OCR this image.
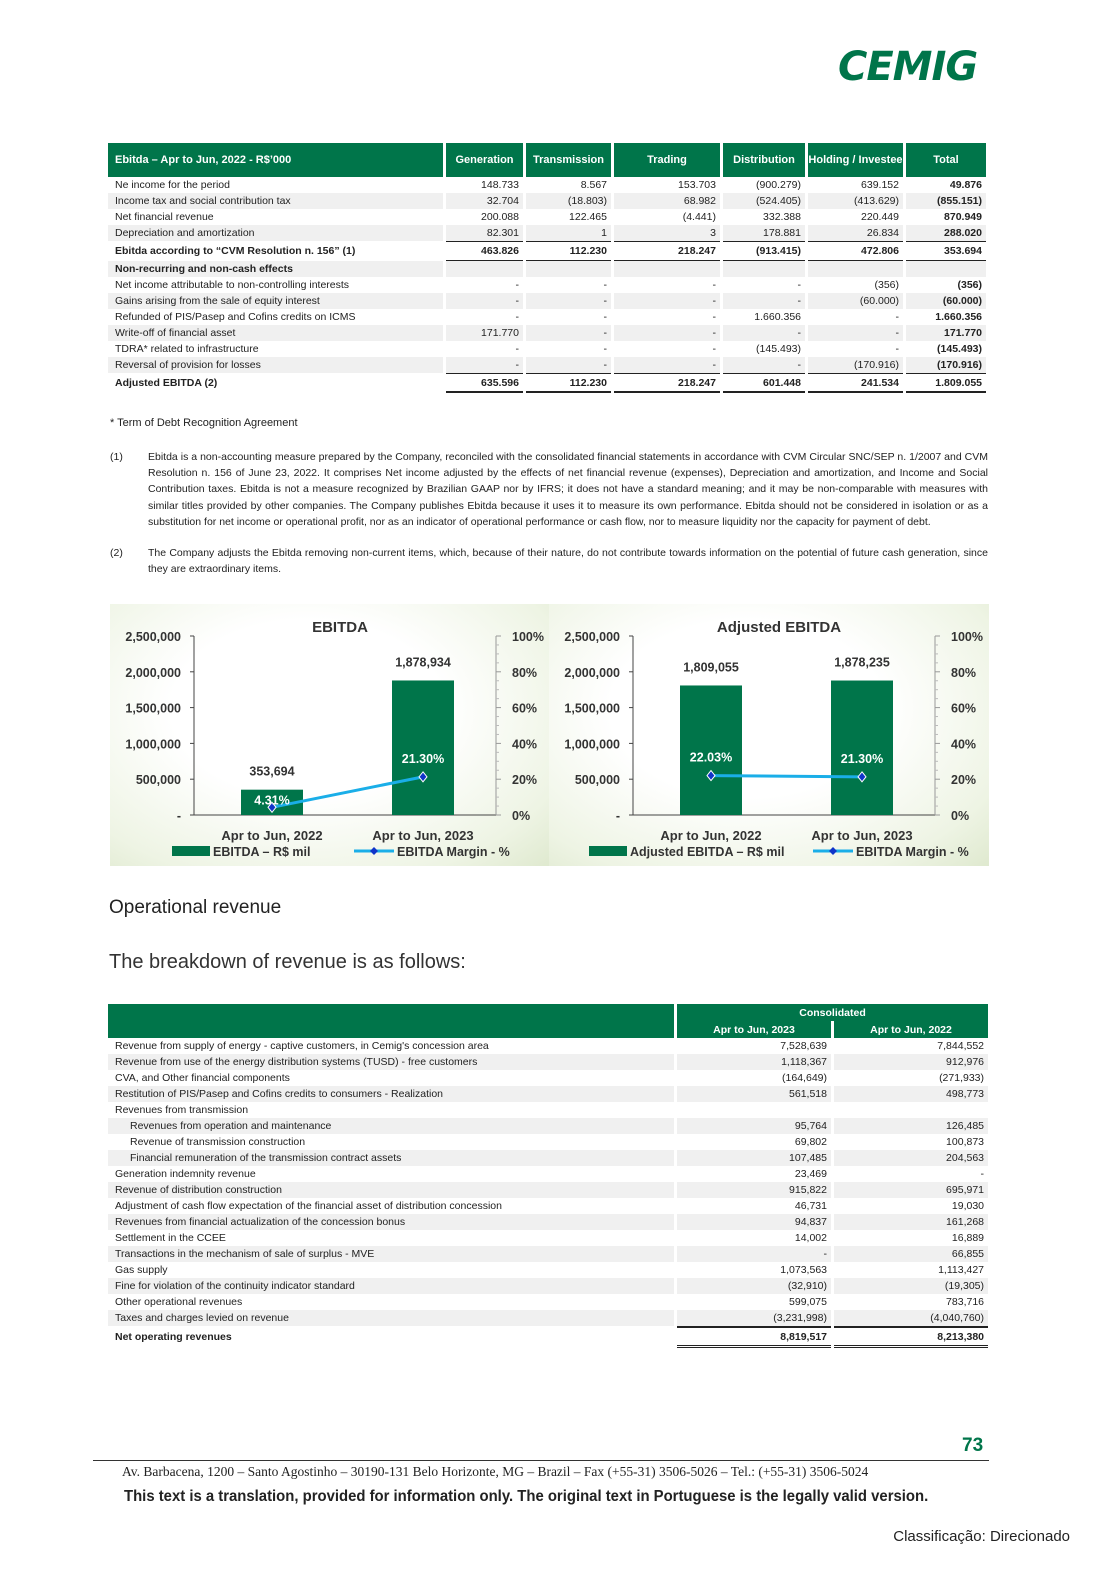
CEMIG
Ebitda – Apr to Jun, 2022 - R$’000	Generation	Transmission	Trading	Distribution	Holding / Investee	Total
Ne income for the period	148.733	8.567	153.703	(900.279)	639.152	49.876
Income tax and social contribution tax	32.704	(18.803)	68.982	(524.405)	(413.629)	(855.151)
Net financial revenue	200.088	122.465	(4.441)	332.388	220.449	870.949
Depreciation and amortization	82.301	1	3	178.881	26.834	288.020
Ebitda according to “CVM Resolution n. 156” (1)	463.826	112.230	218.247	(913.415)	472.806	353.694
Non-recurring and non-cash effects						
Net income attributable to non-controlling interests	-	-	-	-	(356)	(356)
Gains arising from the sale of equity interest	-	-	-	-	(60.000)	(60.000)
Refunded of PIS/Pasep and Cofins credits on ICMS	-	-	-	1.660.356	-	1.660.356
Write-off of financial asset	171.770	-	-	-	-	171.770
TDRA* related to infrastructure	-	-	-	(145.493)	-	(145.493)
Reversal of provision for losses	-	-	-	-	(170.916)	(170.916)
Adjusted EBITDA (2)	635.596	112.230	218.247	601.448	241.534	1.809.055
* Term of Debt Recognition Agreement
(1) Ebitda is a non-accounting measure prepared by the Company, reconciled with the consolidated financial statements in accordance with CVM Circular SNC/SEP n. 1/2007 and CVM Resolution n. 156 of June 23, 2022. It comprises Net income adjusted by the effects of net financial revenue (expenses), Depreciation and amortization, and Income and Social Contribution taxes. Ebitda is not a measure recognized by Brazilian GAAP nor by IFRS; it does not have a standard meaning; and it may be non-comparable with measures with similar titles provided by other companies. The Company publishes Ebitda because it uses it to measure its own performance. Ebitda should not be considered in isolation or as a substitution for net income or operational profit, nor as an indicator of operational performance or cash flow, nor to measure liquidity nor the capacity for payment of debt.
(2) The Company adjusts the Ebitda removing non-current items, which, because of their nature, do not contribute towards information on the potential of future cash generation, since they are extraordinary items.
EBITDA
-
500,000
1,000,000
1,500,000
2,000,000
2,500,000
0%
20%
40%
60%
80%
100%
353,694
Apr to Jun, 2022
1,878,934
Apr to Jun, 2023
4.31%
21.30%
EBITDA – R$ mil	EBITDA Margin - %
Adjusted EBITDA
-
500,000
1,000,000
1,500,000
2,000,000
2,500,000
0%
20%
40%
60%
80%
100%
1,809,055
Apr to Jun, 2022
1,878,235
Apr to Jun, 2023
22.03%	21.30%
Adjusted EBITDA – R$ mil	EBITDA Margin - %
Operational revenue
The breakdown of revenue is as follows:
	Consolidated	
	Apr to Jun, 2023	Apr to Jun, 2022
Revenue from supply of energy - captive customers, in Cemig's concession area	7,528,639	7,844,552
Revenue from use of the energy distribution systems (TUSD) - free customers	1,118,367	912,976
CVA, and Other financial components	(164,649)	(271,933)
Restitution of PIS/Pasep and Cofins credits to consumers - Realization	561,518	498,773
Revenues from transmission		
Revenues from operation and maintenance	95,764	126,485
Revenue of transmission construction	69,802	100,873
Financial remuneration of the transmission contract assets	107,485	204,563
Generation indemnity revenue	23,469	-
Revenue of distribution construction	915,822	695,971
Adjustment of cash flow expectation of the financial asset of distribution concession	46,731	19,030
Revenues from financial actualization of the concession bonus	94,837	161,268
Settlement in the CCEE	14,002	16,889
Transactions in the mechanism of sale of surplus - MVE	-	66,855
Gas supply	1,073,563	1,113,427
Fine for violation of the continuity indicator standard	(32,910)	(19,305)
Other operational revenues	599,075	783,716
Taxes and charges levied on revenue	(3,231,998)	(4,040,760)
Net operating revenues	8,819,517	8,213,380
73
Av. Barbacena, 1200 – Santo Agostinho – 30190-131 Belo Horizonte, MG – Brazil – Fax (+55-31) 3506-5026 – Tel.: (+55-31) 3506-5024
This text is a translation, provided for information only. The original text in Portuguese is the legally valid version.
Classificação: Direcionado
